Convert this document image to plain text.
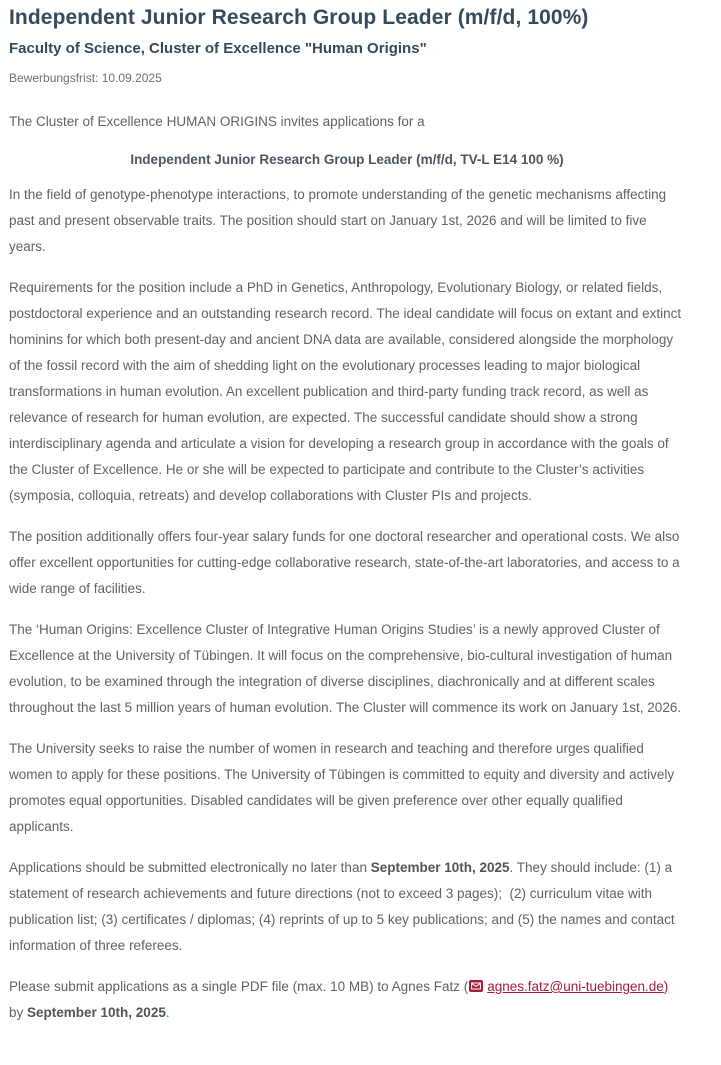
Independent Junior Research Group Leader (m/f/d, 100%)
Faculty of Science, Cluster of Excellence "Human Origins"
Bewerbungsfrist: 10.09.2025

The Cluster of Excellence HUMAN ORIGINS invites applications for a

Independent Junior Research Group Leader (m/f/d, TV-L E14 100 %)

In the field of genotype-phenotype interactions, to promote understanding of the genetic mechanisms affecting past and present observable traits. The position should start on January 1st, 2026 and will be limited to five years.

Requirements for the position include a PhD in Genetics, Anthropology, Evolutionary Biology, or related fields, postdoctoral experience and an outstanding research record. The ideal candidate will focus on extant and extinct hominins for which both present-day and ancient DNA data are available, considered alongside the morphology of the fossil record with the aim of shedding light on the evolutionary processes leading to major biological transformations in human evolution. An excellent publication and third-party funding track record, as well as relevance of research for human evolution, are expected. The successful candidate should show a strong interdisciplinary agenda and articulate a vision for developing a research group in accordance with the goals of the Cluster of Excellence. He or she will be expected to participate and contribute to the Cluster’s activities (symposia, colloquia, retreats) and develop collaborations with Cluster PIs and projects.

The position additionally offers four-year salary funds for one doctoral researcher and operational costs. We also offer excellent opportunities for cutting-edge collaborative research, state-of-the-art laboratories, and access to a wide range of facilities.

The ‘Human Origins: Excellence Cluster of Integrative Human Origins Studies’ is a newly approved Cluster of Excellence at the University of Tübingen. It will focus on the comprehensive, bio-cultural investigation of human evolution, to be examined through the integration of diverse disciplines, diachronically and at different scales throughout the last 5 million years of human evolution. The Cluster will commence its work on January 1st, 2026.

The University seeks to raise the number of women in research and teaching and therefore urges qualified women to apply for these positions. The University of Tübingen is committed to equity and diversity and actively promotes equal opportunities. Disabled candidates will be given preference over other equally qualified applicants.

Applications should be submitted electronically no later than September 10th, 2025. They should include: (1) a statement of research achievements and future directions (not to exceed 3 pages);  (2) curriculum vitae with publication list; (3) certificates / diplomas; (4) reprints of up to 5 key publications; and (5) the names and contact information of three referees.

Please submit applications as a single PDF file (max. 10 MB) to Agnes Fatz ( agnes.fatz@uni-tuebingen.de) by September 10th, 2025.
